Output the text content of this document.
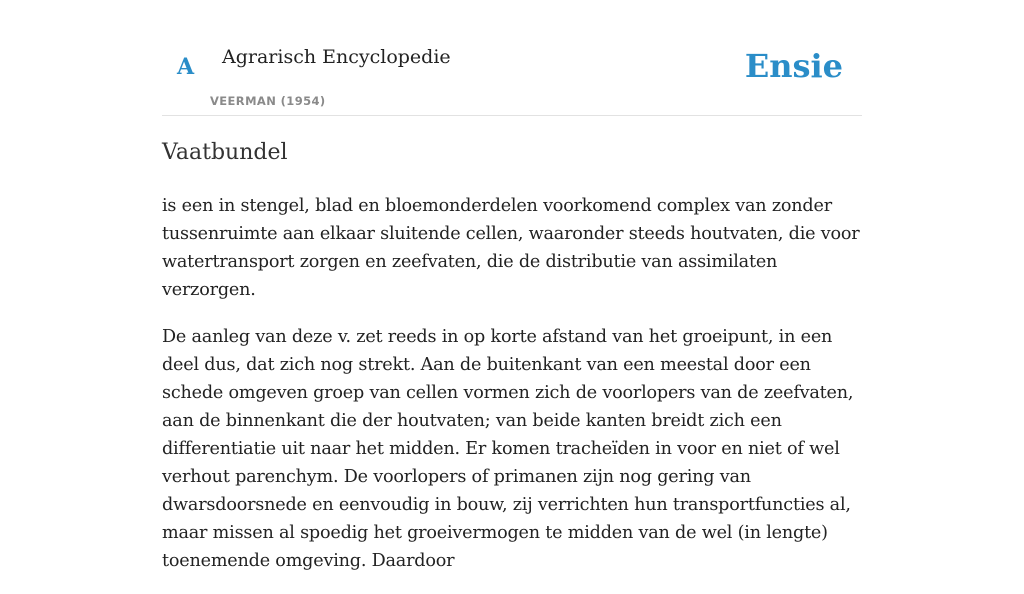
A Agrarisch Encyclopedie
VEERMAN (1954)
Ensie
Vaatbundel

is een in stengel, blad en bloemonderdelen voorkomend complex van zonder tussenruimte aan elkaar sluitende cellen, waaronder steeds houtvaten, die voor watertransport zorgen en zeefvaten, die de distributie van assimilaten verzorgen.

De aanleg van deze v. zet reeds in op korte afstand van het groeipunt, in een deel dus, dat zich nog strekt. Aan de buitenkant van een meestal door een schede omgeven groep van cellen vormen zich de voorlopers van de zeefvaten, aan de binnenkant die der houtvaten; van beide kanten breidt zich een differentiatie uit naar het midden. Er komen tracheïden in voor en niet of wel verhout parenchym. De voorlopers of primanen zijn nog gering van dwarsdoorsnede en eenvoudig in bouw, zij verrichten hun transportfuncties al, maar missen al spoedig het groeivermogen te midden van de wel (in lengte) toenemende omgeving. Daardoor
